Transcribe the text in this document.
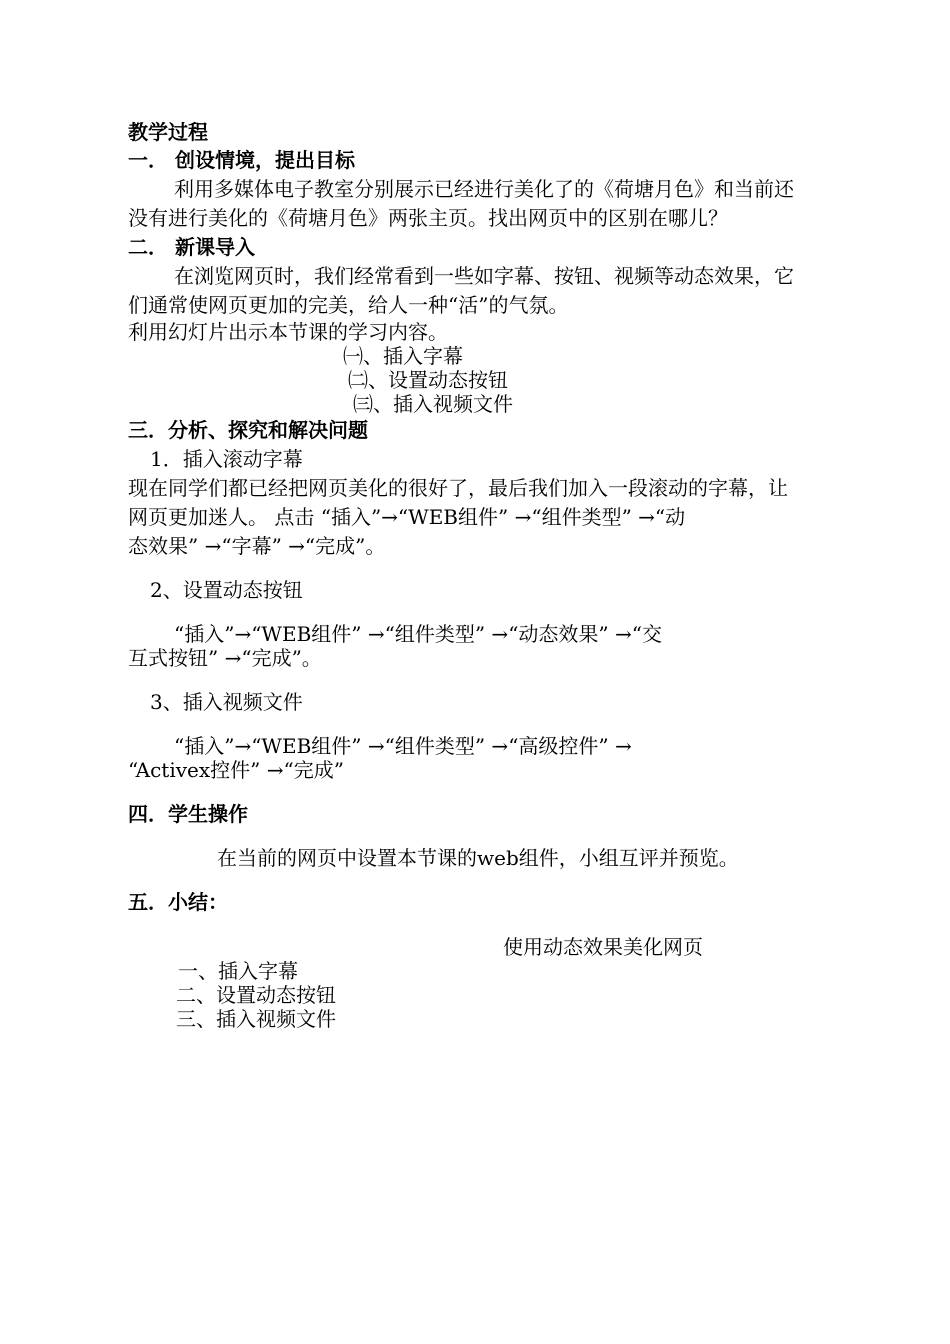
教学过程
一． 创设情境，提出目标
利用多媒体电子教室分别展示已经进行美化了的《荷塘月色》和当前还
没有进行美化的《荷塘月色》两张主页。找出网页中的区别在哪儿？
二． 新课导入
在浏览网页时，我们经常看到一些如字幕、按钮、视频等动态效果，它
们通常使网页更加的完美，给人一种“活”的气氛。
利用幻灯片出示本节课的学习内容。
㈠、插入字幕
㈡、设置动态按钮
㈢、插入视频文件
三．分析、探究和解决问题
1．插入滚动字幕
现在同学们都已经把网页美化的很好了，最后我们加入一段滚动的字幕，让
网页更加迷人。 点击 “插入”→“WEB组件” →“组件类型” →“动
态效果” →“字幕” →“完成”。
2、设置动态按钮
“插入”→“WEB组件” →“组件类型” →“动态效果” →“交
互式按钮” →“完成”。
3、插入视频文件
“插入”→“WEB组件” →“组件类型” →“高级控件” →
“Activex控件” →“完成”
四．学生操作
在当前的网页中设置本节课的web组件，小组互评并预览。
五．小结：
使用动态效果美化网页
一、插入字幕
二、设置动态按钮
三、插入视频文件
